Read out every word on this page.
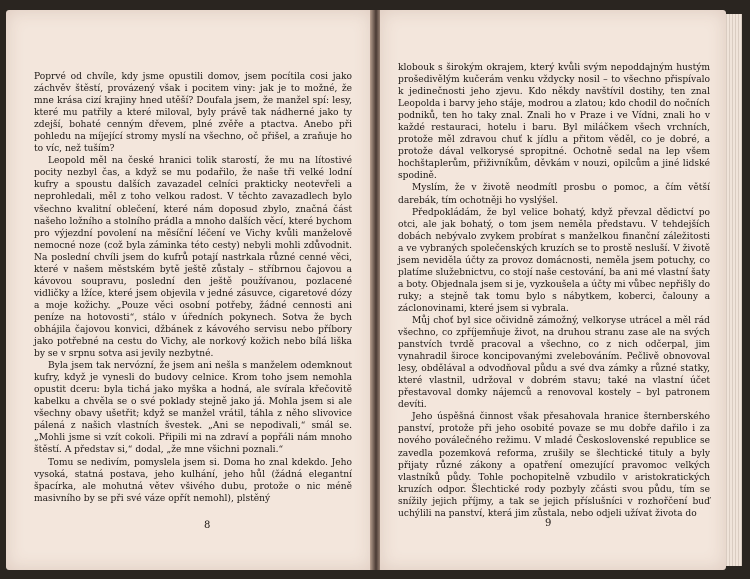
Poprvé od chvíle, kdy jsme opustili domov, jsem pocítila cosi jako záchvěv štěstí, provázený však i pocitem viny: jak je to možné, že mne krása cizí krajiny hned utěší? Doufala jsem, že manžel spí: lesy, které mu patřily a které miloval, byly právě tak nádherné jako ty zdejší, bohaté cenným dřevem, plné zvěře a ptactva. Anebo při pohledu na míjející stromy myslí na všechno, oč přišel, a zraňuje ho to víc, než tuším?

Leopold měl na české hranici tolik starostí, že mu na lítostivé pocity nezbyl čas, a když se mu podařilo, že naše tři velké lodní kufry a spoustu dalších zavazadel celníci prakticky neotevřeli a neprohledali, měl z toho velkou radost. V těchto zavazadlech bylo všechno kvalitní oblečení, které nám doposud zbylo, značná část našeho ložního a stolního prádla a mnoho dalších věcí, které bychom pro výjezdní povolení na měsíční léčení ve Vichy kvůli manželově nemocné noze (což byla záminka této cesty) nebyli mohli zdůvodnit. Na poslední chvíli jsem do kufrů potají nastrkala různé cenné věci, které v našem městském bytě ještě zůstaly – stříbrnou čajovou a kávovou soupravu, poslední den ještě používanou, pozlacené vidličky a lžíce, které jsem objevila v jedné zásuvce, cigaretové dózy a moje kožichy. „Pouze věci osobní potřeby, žádné cennosti ani peníze na hotovosti“, stálo v úředních pokynech. Sotva že bych obhájila čajovou konvici, džbánek z kávového servisu nebo příbory jako potřebné na cestu do Vichy, ale norkový kožich nebo bílá liška by se v srpnu sotva asi jevily nezbytné.

Byla jsem tak nervózní, že jsem ani nešla s manželem odemknout kufry, když je vynesli do budovy celnice. Krom toho jsem nemohla opustit dceru: byla tichá jako myška a hodná, ale svírala křečovitě kabelku a chvěla se o své poklady stejně jako já. Mohla jsem si ale všechny obavy ušetřit; když se manžel vrátil, táhla z něho slivovice pálená z našich vlastních švestek. „Ani se nepodivali,“ smál se. „Mohli jsme si vzít cokoli. Připili mi na zdraví a popřáli nám mnoho štěstí. A představ si,“ dodal, „že mne všichni poznali.“

Tomu se nedivím, pomyslela jsem si. Doma ho znal kdekdo. Jeho vysoká, statná postava, jeho kulhání, jeho hůl (žádná elegantní špacírka, ale mohutná větev všivého dubu, protože o nic méně masivního by se při své váze opřít nemohl), plstěný

8

klobouk s širokým okrajem, který kvůli svým nepoddajným hustým prošedivělým kučerám venku vždycky nosil – to všechno přispívalo k jedinečnosti jeho zjevu. Kdo někdy navštívil dostihy, ten znal Leopolda i barvy jeho stáje, modrou a zlatou; kdo chodil do nočních podniků, ten ho taky znal. Znali ho v Praze i ve Vídni, znali ho v každé restauraci, hotelu i baru. Byl miláčkem všech vrchních, protože měl zdravou chuť k jídlu a přitom věděl, co je dobré, a protože dával velkorysé spropitné. Ochotně sedal na lep všem hochštaplerům, přiživníkům, děvkám v nouzi, opilcům a jiné lidské spodině.

Myslím, že v životě neodmítl prosbu o pomoc, a čím větší darebák, tím ochotněji ho vyslýšel.

Předpokládám, že byl velice bohatý, když převzal dědictví po otci, ale jak bohatý, o tom jsem neměla představu. V tehdejších dobách nebývalo zvykem probírat s manželkou finanční záležitosti a ve vybraných společenských kruzích se to prostě nesluší. V životě jsem neviděla účty za provoz domácnosti, neměla jsem potuchy, co platíme služebnictvu, co stojí naše cestování, ba ani mé vlastní šaty a boty. Objednala jsem si je, vyzkoušela a účty mi vůbec nepřišly do ruky; a stejně tak tomu bylo s nábytkem, koberci, čalouny a záclonovinami, které jsem si vybrala.

Můj choť byl sice očividně zámožný, velkoryse utrácel a měl rád všechno, co zpříjemňuje život, na druhou stranu zase ale na svých panstvích tvrdě pracoval a všechno, co z nich odčerpal, jim vynahradil široce koncipovanými zvelebováním. Pečlivě obnovoval lesy, obdělával a odvodňoval půdu a své dva zámky a různé statky, které vlastnil, udržoval v dobrém stavu; také na vlastní účet přestavoval domky nájemců a renovoval kostely – byl patronem devíti.

Jeho úspěšná činnost však přesahovala hranice šternberského panství, protože při jeho osobité povaze se mu dobře dařilo i za nového poválečného režimu. V mladé Československé republice se zavedla pozemková reforma, zrušily se šlechtické tituly a byly přijaty různé zákony a opatření omezující pravomoc velkých vlastníků půdy. Tohle pochopitelně vzbudilo v aristokratických kruzích odpor. Šlechtické rody pozbyly zčásti svou půdu, tím se snížily jejich příjmy, a tak se jejich příslušníci v rozhořčení buď uchýlili na panství, která jim zůstala, nebo odjeli užívat života do

9
